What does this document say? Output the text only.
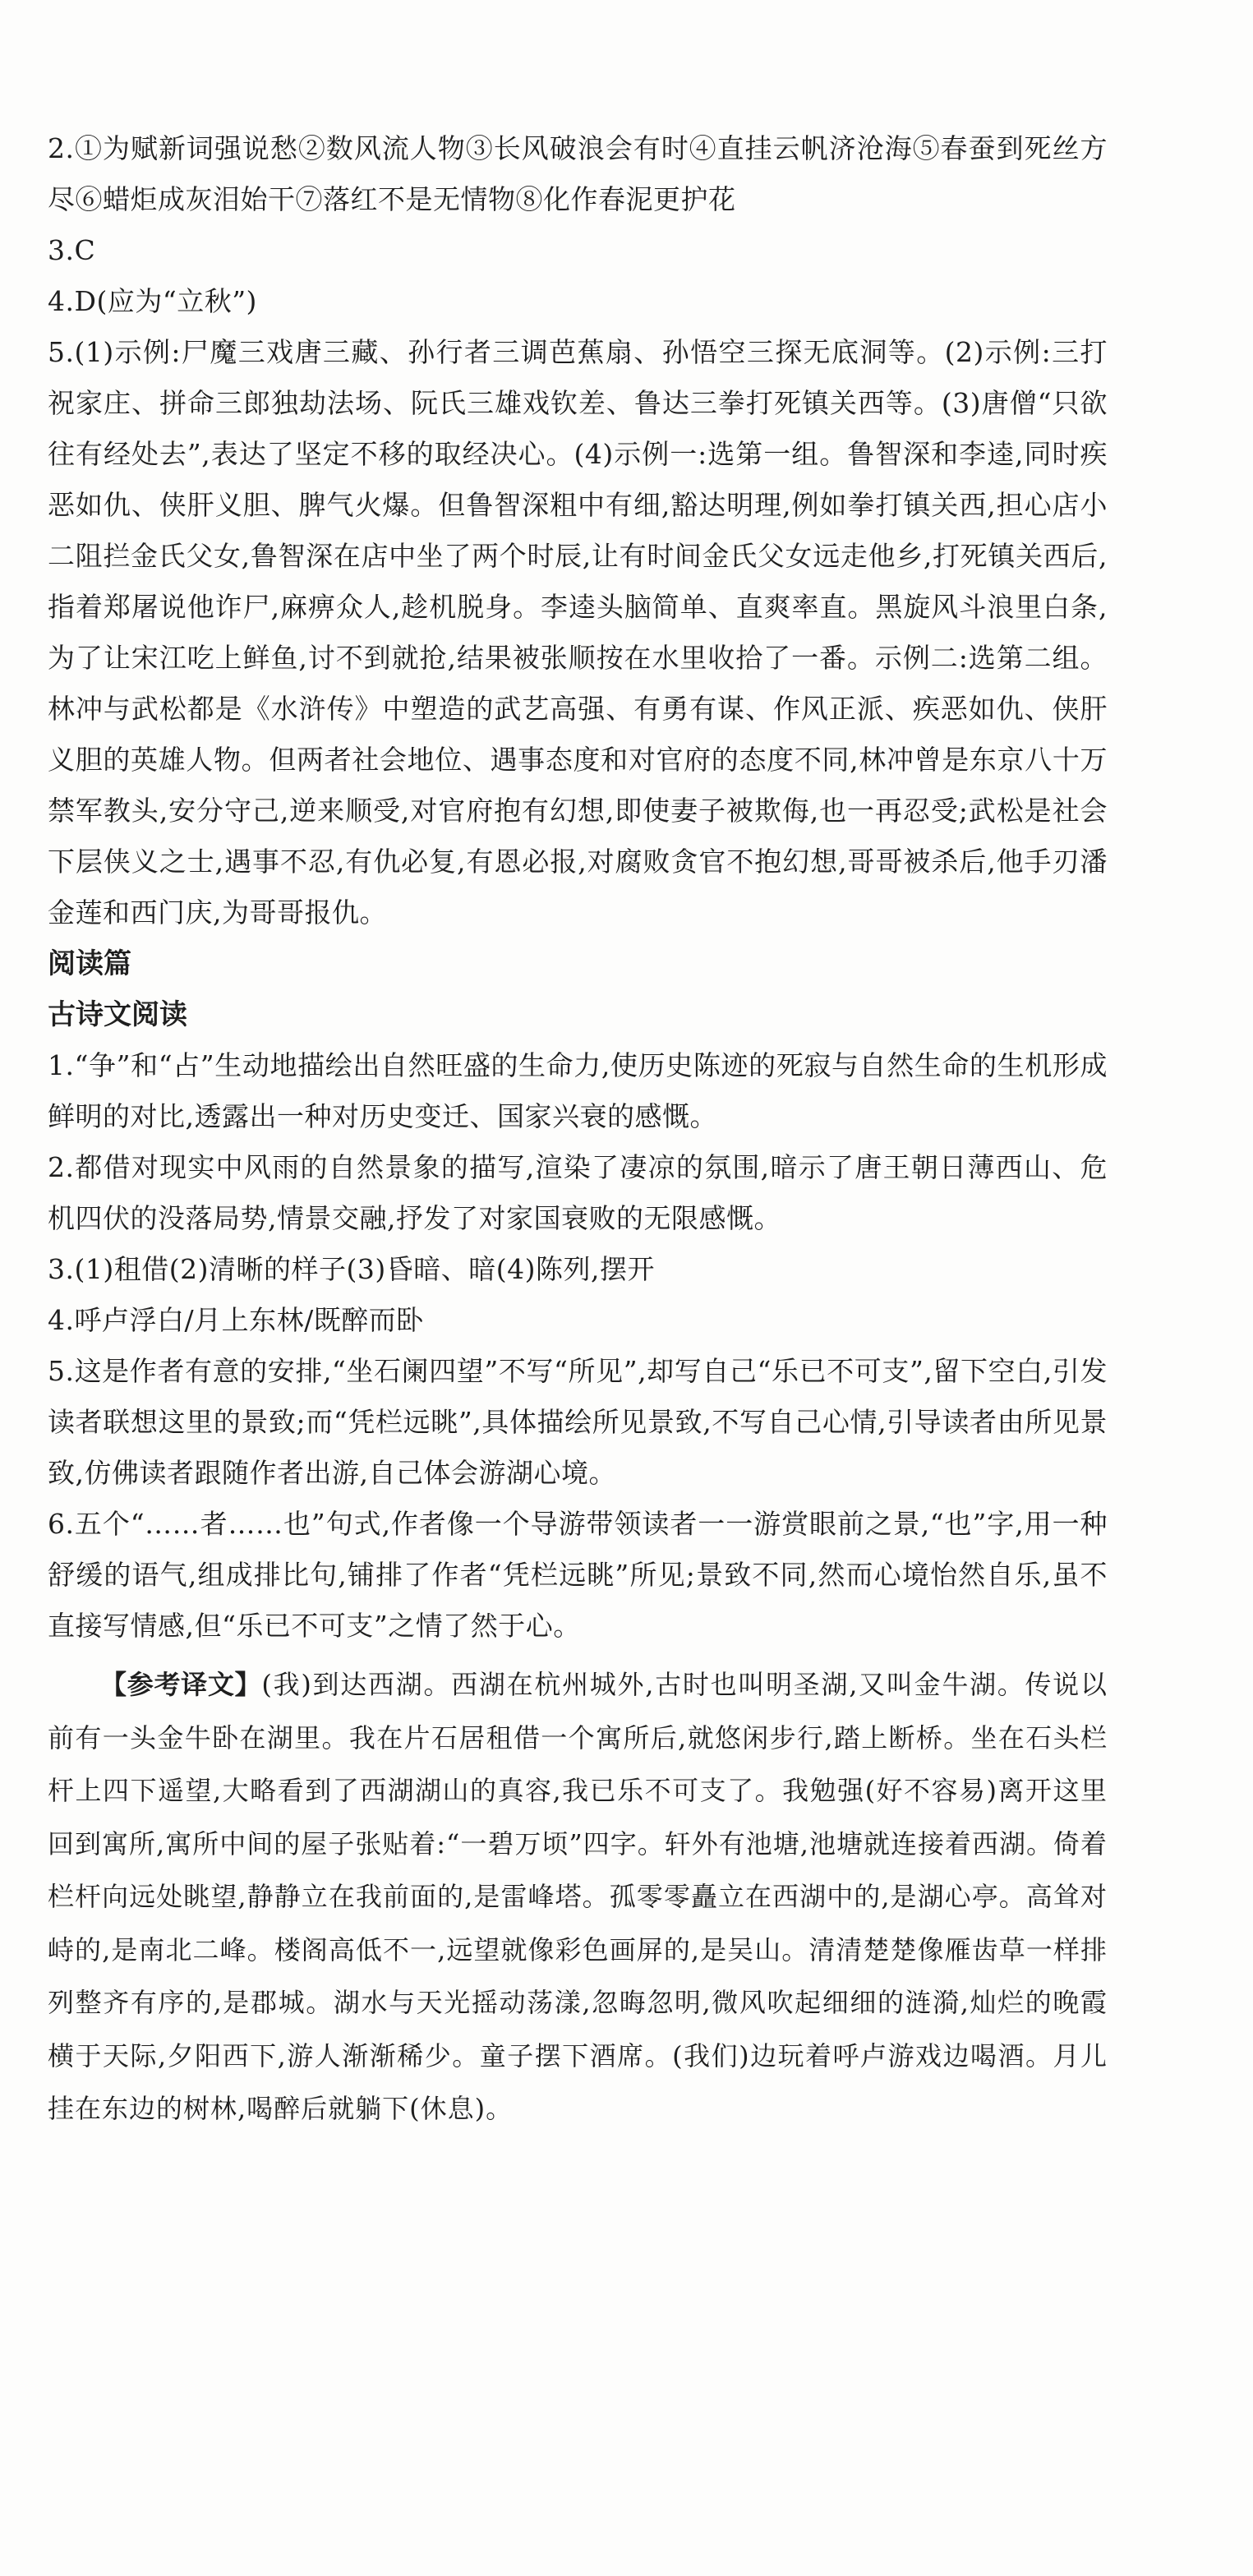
2.①为赋新词强说愁②数风流人物③长风破浪会有时④直挂云帆济沧海⑤春蚕到死丝方尽⑥蜡炬成灰泪始干⑦落红不是无情物⑧化作春泥更护花

3.C

4.D(应为“立秋”)

5.(1)示例:尸魔三戏唐三藏、孙行者三调芭蕉扇、孙悟空三探无底洞等。(2)示例:三打祝家庄、拼命三郎独劫法场、阮氏三雄戏钦差、鲁达三拳打死镇关西等。(3)唐僧“只欲往有经处去”,表达了坚定不移的取经决心。(4)示例一:选第一组。鲁智深和李逵,同时疾恶如仇、侠肝义胆、脾气火爆。但鲁智深粗中有细,豁达明理,例如拳打镇关西,担心店小二阻拦金氏父女,鲁智深在店中坐了两个时辰,让有时间金氏父女远走他乡,打死镇关西后,指着郑屠说他诈尸,麻痹众人,趁机脱身。李逵头脑简单、直爽率直。黑旋风斗浪里白条,为了让宋江吃上鲜鱼,讨不到就抢,结果被张顺按在水里收拾了一番。示例二:选第二组。林冲与武松都是《水浒传》中塑造的武艺高强、有勇有谋、作风正派、疾恶如仇、侠肝义胆的英雄人物。但两者社会地位、遇事态度和对官府的态度不同,林冲曾是东京八十万禁军教头,安分守己,逆来顺受,对官府抱有幻想,即使妻子被欺侮,也一再忍受;武松是社会下层侠义之士,遇事不忍,有仇必复,有恩必报,对腐败贪官不抱幻想,哥哥被杀后,他手刃潘金莲和西门庆,为哥哥报仇。

阅读篇

古诗文阅读

1.“争”和“占”生动地描绘出自然旺盛的生命力,使历史陈迹的死寂与自然生命的生机形成鲜明的对比,透露出一种对历史变迁、国家兴衰的感慨。

2.都借对现实中风雨的自然景象的描写,渲染了凄凉的氛围,暗示了唐王朝日薄西山、危机四伏的没落局势,情景交融,抒发了对家国衰败的无限感慨。

3.(1)租借(2)清晰的样子(3)昏暗、暗(4)陈列,摆开

4.呼卢浮白/月上东林/既醉而卧

5.这是作者有意的安排,“坐石阑四望”不写“所见”,却写自己“乐已不可支”,留下空白,引发读者联想这里的景致;而“凭栏远眺”,具体描绘所见景致,不写自己心情,引导读者由所见景致,仿佛读者跟随作者出游,自己体会游湖心境。

6.五个“……者……也”句式,作者像一个导游带领读者一一游赏眼前之景,“也”字,用一种舒缓的语气,组成排比句,铺排了作者“凭栏远眺”所见;景致不同,然而心境怡然自乐,虽不直接写情感,但“乐已不可支”之情了然于心。

【参考译文】(我)到达西湖。西湖在杭州城外,古时也叫明圣湖,又叫金牛湖。传说以前有一头金牛卧在湖里。我在片石居租借一个寓所后,就悠闲步行,踏上断桥。坐在石头栏杆上四下遥望,大略看到了西湖湖山的真容,我已乐不可支了。我勉强(好不容易)离开这里回到寓所,寓所中间的屋子张贴着:“一碧万顷”四字。轩外有池塘,池塘就连接着西湖。倚着栏杆向远处眺望,静静立在我前面的,是雷峰塔。孤零零矗立在西湖中的,是湖心亭。高耸对峙的,是南北二峰。楼阁高低不一,远望就像彩色画屏的,是吴山。清清楚楚像雁齿草一样排列整齐有序的,是郡城。湖水与天光摇动荡漾,忽晦忽明,微风吹起细细的涟漪,灿烂的晚霞横于天际,夕阳西下,游人渐渐稀少。童子摆下酒席。(我们)边玩着呼卢游戏边喝酒。月儿挂在东边的树林,喝醉后就躺下(休息)。
